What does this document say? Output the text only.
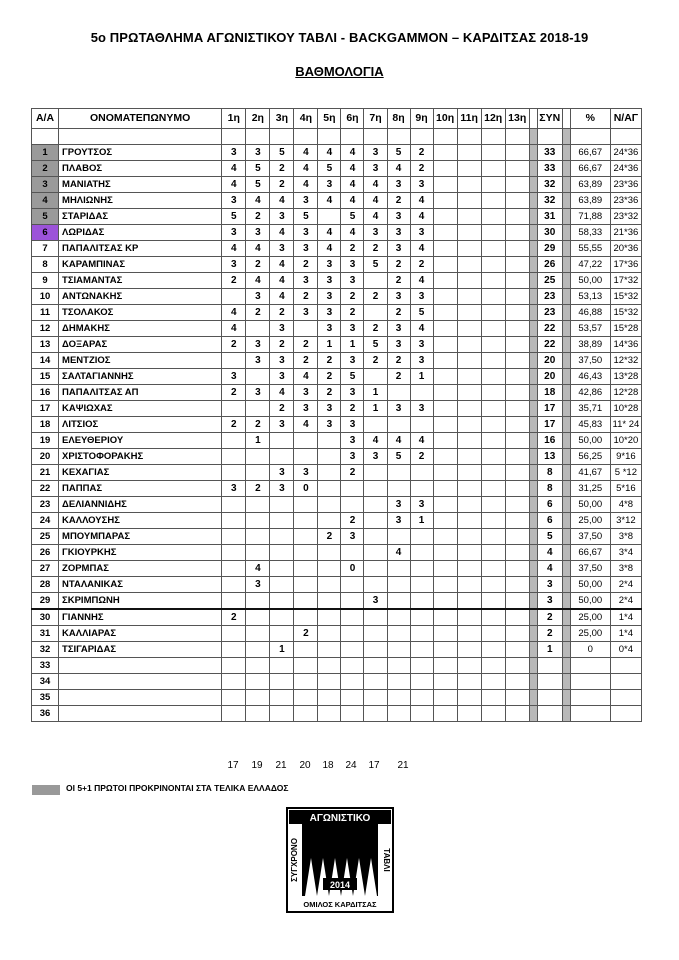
5ο ΠΡΩΤΑΘΛΗΜΑ ΑΓΩΝΙΣΤΙΚΟΥ ΤΑΒΛΙ - BACKGAMMON – ΚΑΡΔΙΤΣΑΣ 2018-19
ΒΑΘΜΟΛΟΓΙΑ
Α/Α	ΟΝΟΜΑΤΕΠΩΝΥΜΟ	1η	2η	3η	4η	5η	6η	7η	8η	9η	10η	11η	12η	13η		ΣΥΝ		%	Ν/ΑΓ

1	ΓΡΟΥΤΣΟΣ	3	3	5	4	4	4	3	5	2						33		66,67	24*36
2	ΠΛΑΒΟΣ	4	5	2	4	5	4	3	4	2						33		66,67	24*36
3	ΜΑΝΙΑΤΗΣ	4	5	2	4	3	4	4	3	3						32		63,89	23*36
4	ΜΗΛΙΩΝΗΣ	3	4	4	3	4	4	4	2	4						32		63,89	23*36
5	ΣΤΑΡΙΔΑΣ	5	2	3	5		5	4	3	4						31		71,88	23*32
6	ΛΩΡΙΔΑΣ	3	3	4	3	4	4	3	3	3						30		58,33	21*36
7	ΠΑΠΑΛΙΤΣΑΣ ΚΡ	4	4	3	3	4	2	2	3	4						29		55,55	20*36
8	ΚΑΡΑΜΠΙΝΑΣ	3	2	4	2	3	3	5	2	2						26		47,22	17*36
9	ΤΣΙΑΜΑΝΤΑΣ	2	4	4	3	3	3		2	4						25		50,00	17*32
10	ΑΝΤΩΝΑΚΗΣ		3	4	2	3	2	2	3	3						23		53,13	15*32
11	ΤΣΟΛΑΚΟΣ	4	2	2	3	3	2		2	5						23		46,88	15*32
12	ΔΗΜΑΚΗΣ	4		3		3	3	2	3	4						22		53,57	15*28
13	ΔΟΞΑΡΑΣ	2	3	2	2	1	1	5	3	3						22		38,89	14*36
14	ΜΕΝΤΖΙΟΣ		3	3	2	2	3	2	2	3						20		37,50	12*32
15	ΣΑΛΤΑΓΙΑΝΝΗΣ	3		3	4	2	5		2	1						20		46,43	13*28
16	ΠΑΠΑΛΙΤΣΑΣ ΑΠ	2	3	4	3	2	3	1								18		42,86	12*28
17	ΚΑΨΙΩΧΑΣ			2	3	3	2	1	3	3						17		35,71	10*28
18	ΛΙΤΣΙΟΣ	2	2	3	4	3	3									17		45,83	11* 24
19	ΕΛΕΥΘΕΡΙΟΥ		1				3	4	4	4						16		50,00	10*20
20	ΧΡΙΣΤΟΦΟΡΑΚΗΣ						3	3	5	2						13		56,25	9*16
21	ΚΕΧΑΓΙΑΣ			3	3		2									8		41,67	5 *12
22	ΠΑΠΠΑΣ	3	2	3	0											8		31,25	5*16
23	ΔΕΛΙΑΝΝΙΔΗΣ								3	3						6		50,00	4*8
24	ΚΑΛΛΟΥΣΗΣ						2		3	1						6		25,00	3*12
25	ΜΠΟΥΜΠΑΡΑΣ					2	3									5		37,50	3*8
26	ΓΚΙΟΥΡΚΗΣ								4							4		66,67	3*4
27	ΖΟΡΜΠΑΣ		4				0									4		37,50	3*8
28	ΝΤΑΛΑΝΙΚΑΣ		3													3		50,00	2*4
29	ΣΚΡΙΜΠΩΝΗ							3								3		50,00	2*4
30	ΓΙΑΝΝΗΣ	2														2		25,00	1*4
31	ΚΑΛΛΙΑΡΑΣ				2											2		25,00	1*4
32	ΤΣΙΓΑΡΙΔΑΣ			1												1		0	0*4
33																			
34																			
35																			
36																			
17	19	21	20	18	24	17	21
ΟΙ 5+1 ΠΡΩΤΟΙ ΠΡΟΚΡΙΝΟΝΤΑΙ ΣΤΑ ΤΕΛΙΚΑ ΕΛΛΑΔΟΣ
ΑΓΩΝΙΣΤΙΚΟ
ΣΥΓΧΡΟΝΟ	ΤΑΒΛΙ
2014
ΟΜΙΛΟΣ ΚΑΡΔΙΤΣΑΣ
